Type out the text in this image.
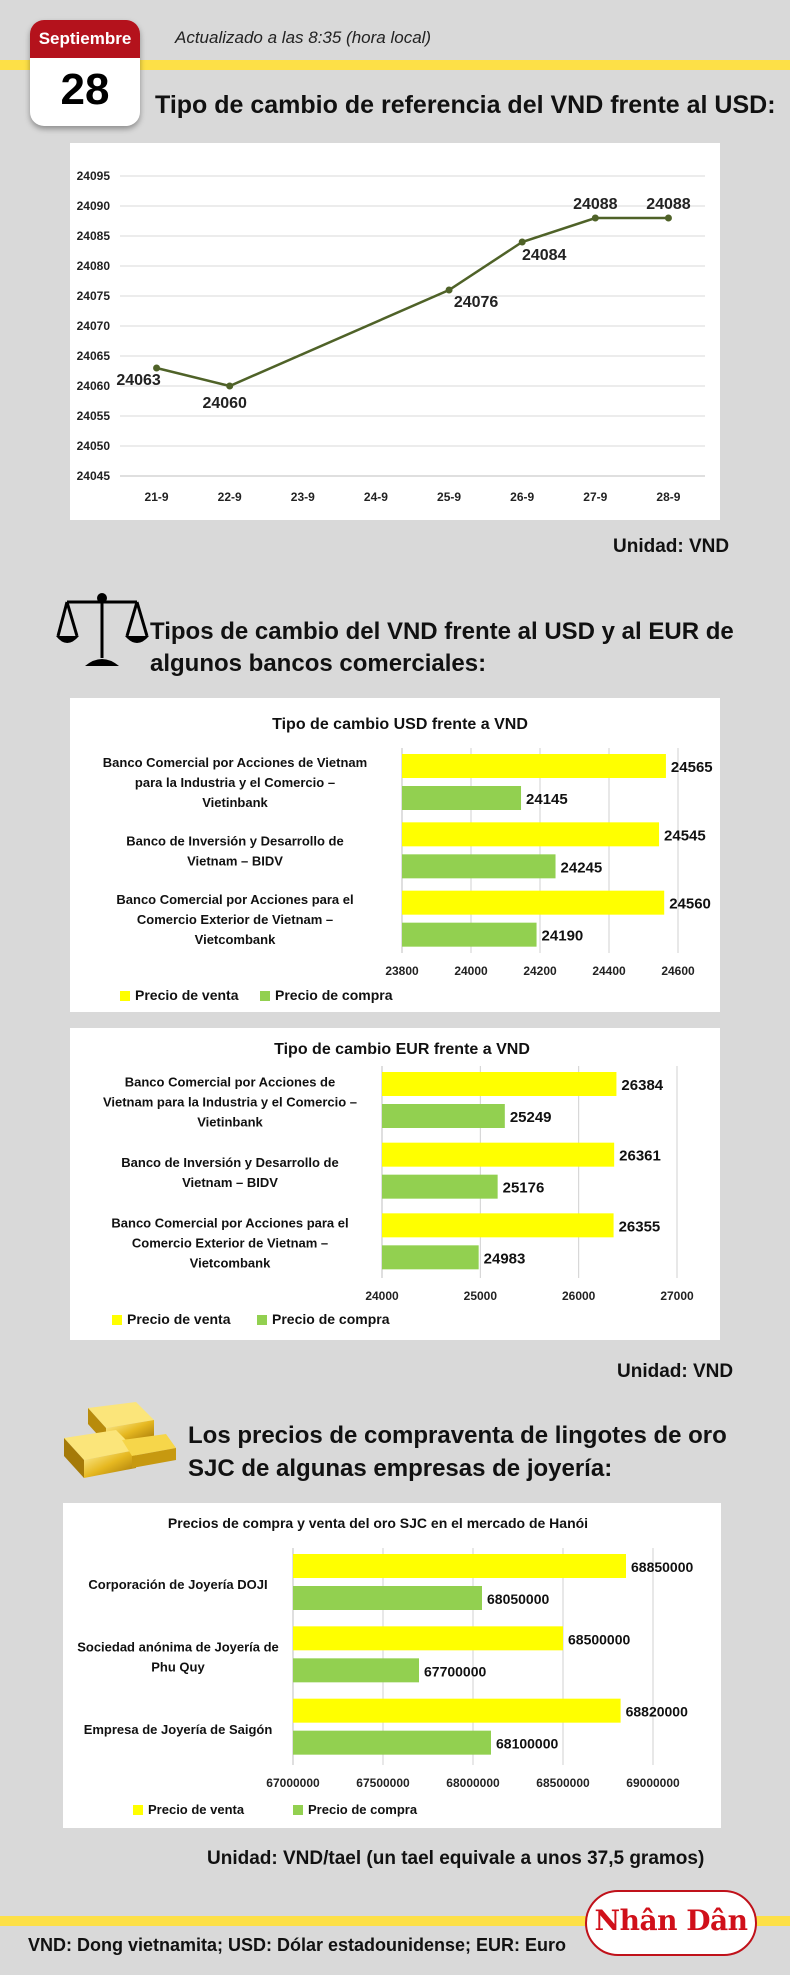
Septiembre
28
Actualizado a las 8:35 (hora local)
Tipo de cambio de referencia del VND frente al USD:
24045
24050
24055
24060
24065
24070
24075
24080
24085
24090
24095
21-9	22-9	23-9	24-9	25-9	26-9	27-9	28-9
24063
24060
24076
24084
24088 24088
Unidad: VND
Tipos de cambio del VND frente al USD y al EUR de
algunos bancos comerciales:
Tipo de cambio USD frente a VND
23800	24000	24200	24400	24600
Banco Comercial por Acciones de Vietnam
para la Industria y el Comercio –
Vietinbank
24565
24145
Banco de Inversión y Desarrollo de
Vietnam – BIDV
24545
24245
Banco Comercial por Acciones para el
Comercio Exterior de Vietnam –
Vietcombank
24560
24190
Precio de venta	Precio de compra
Tipo de cambio EUR frente a VND
24000	25000	26000	27000
Banco Comercial por Acciones de
Vietnam para la Industria y el Comercio –
Vietinbank
26384
25249
Banco de Inversión y Desarrollo de
Vietnam – BIDV
26361
25176
Banco Comercial por Acciones para el
Comercio Exterior de Vietnam –
Vietcombank
26355
24983
Precio de venta	Precio de compra
Unidad: VND
Los precios de compraventa de lingotes de oro
SJC de algunas empresas de joyería:
Precios de compra y venta del oro SJC en el mercado de Hanói
67000000	67500000	68000000	68500000	69000000
Corporación de Joyería DOJI
68850000
68050000
Sociedad anónima de Joyería de
Phu Quy
68500000
67700000
Empresa de Joyería de Saigón
68820000
68100000
Precio de venta	Precio de compra
Unidad: VND/tael (un tael equivale a unos 37,5 gramos)
VND: Dong vietnamita; USD: Dólar estadounidense; EUR: Euro
Nhân Dân
